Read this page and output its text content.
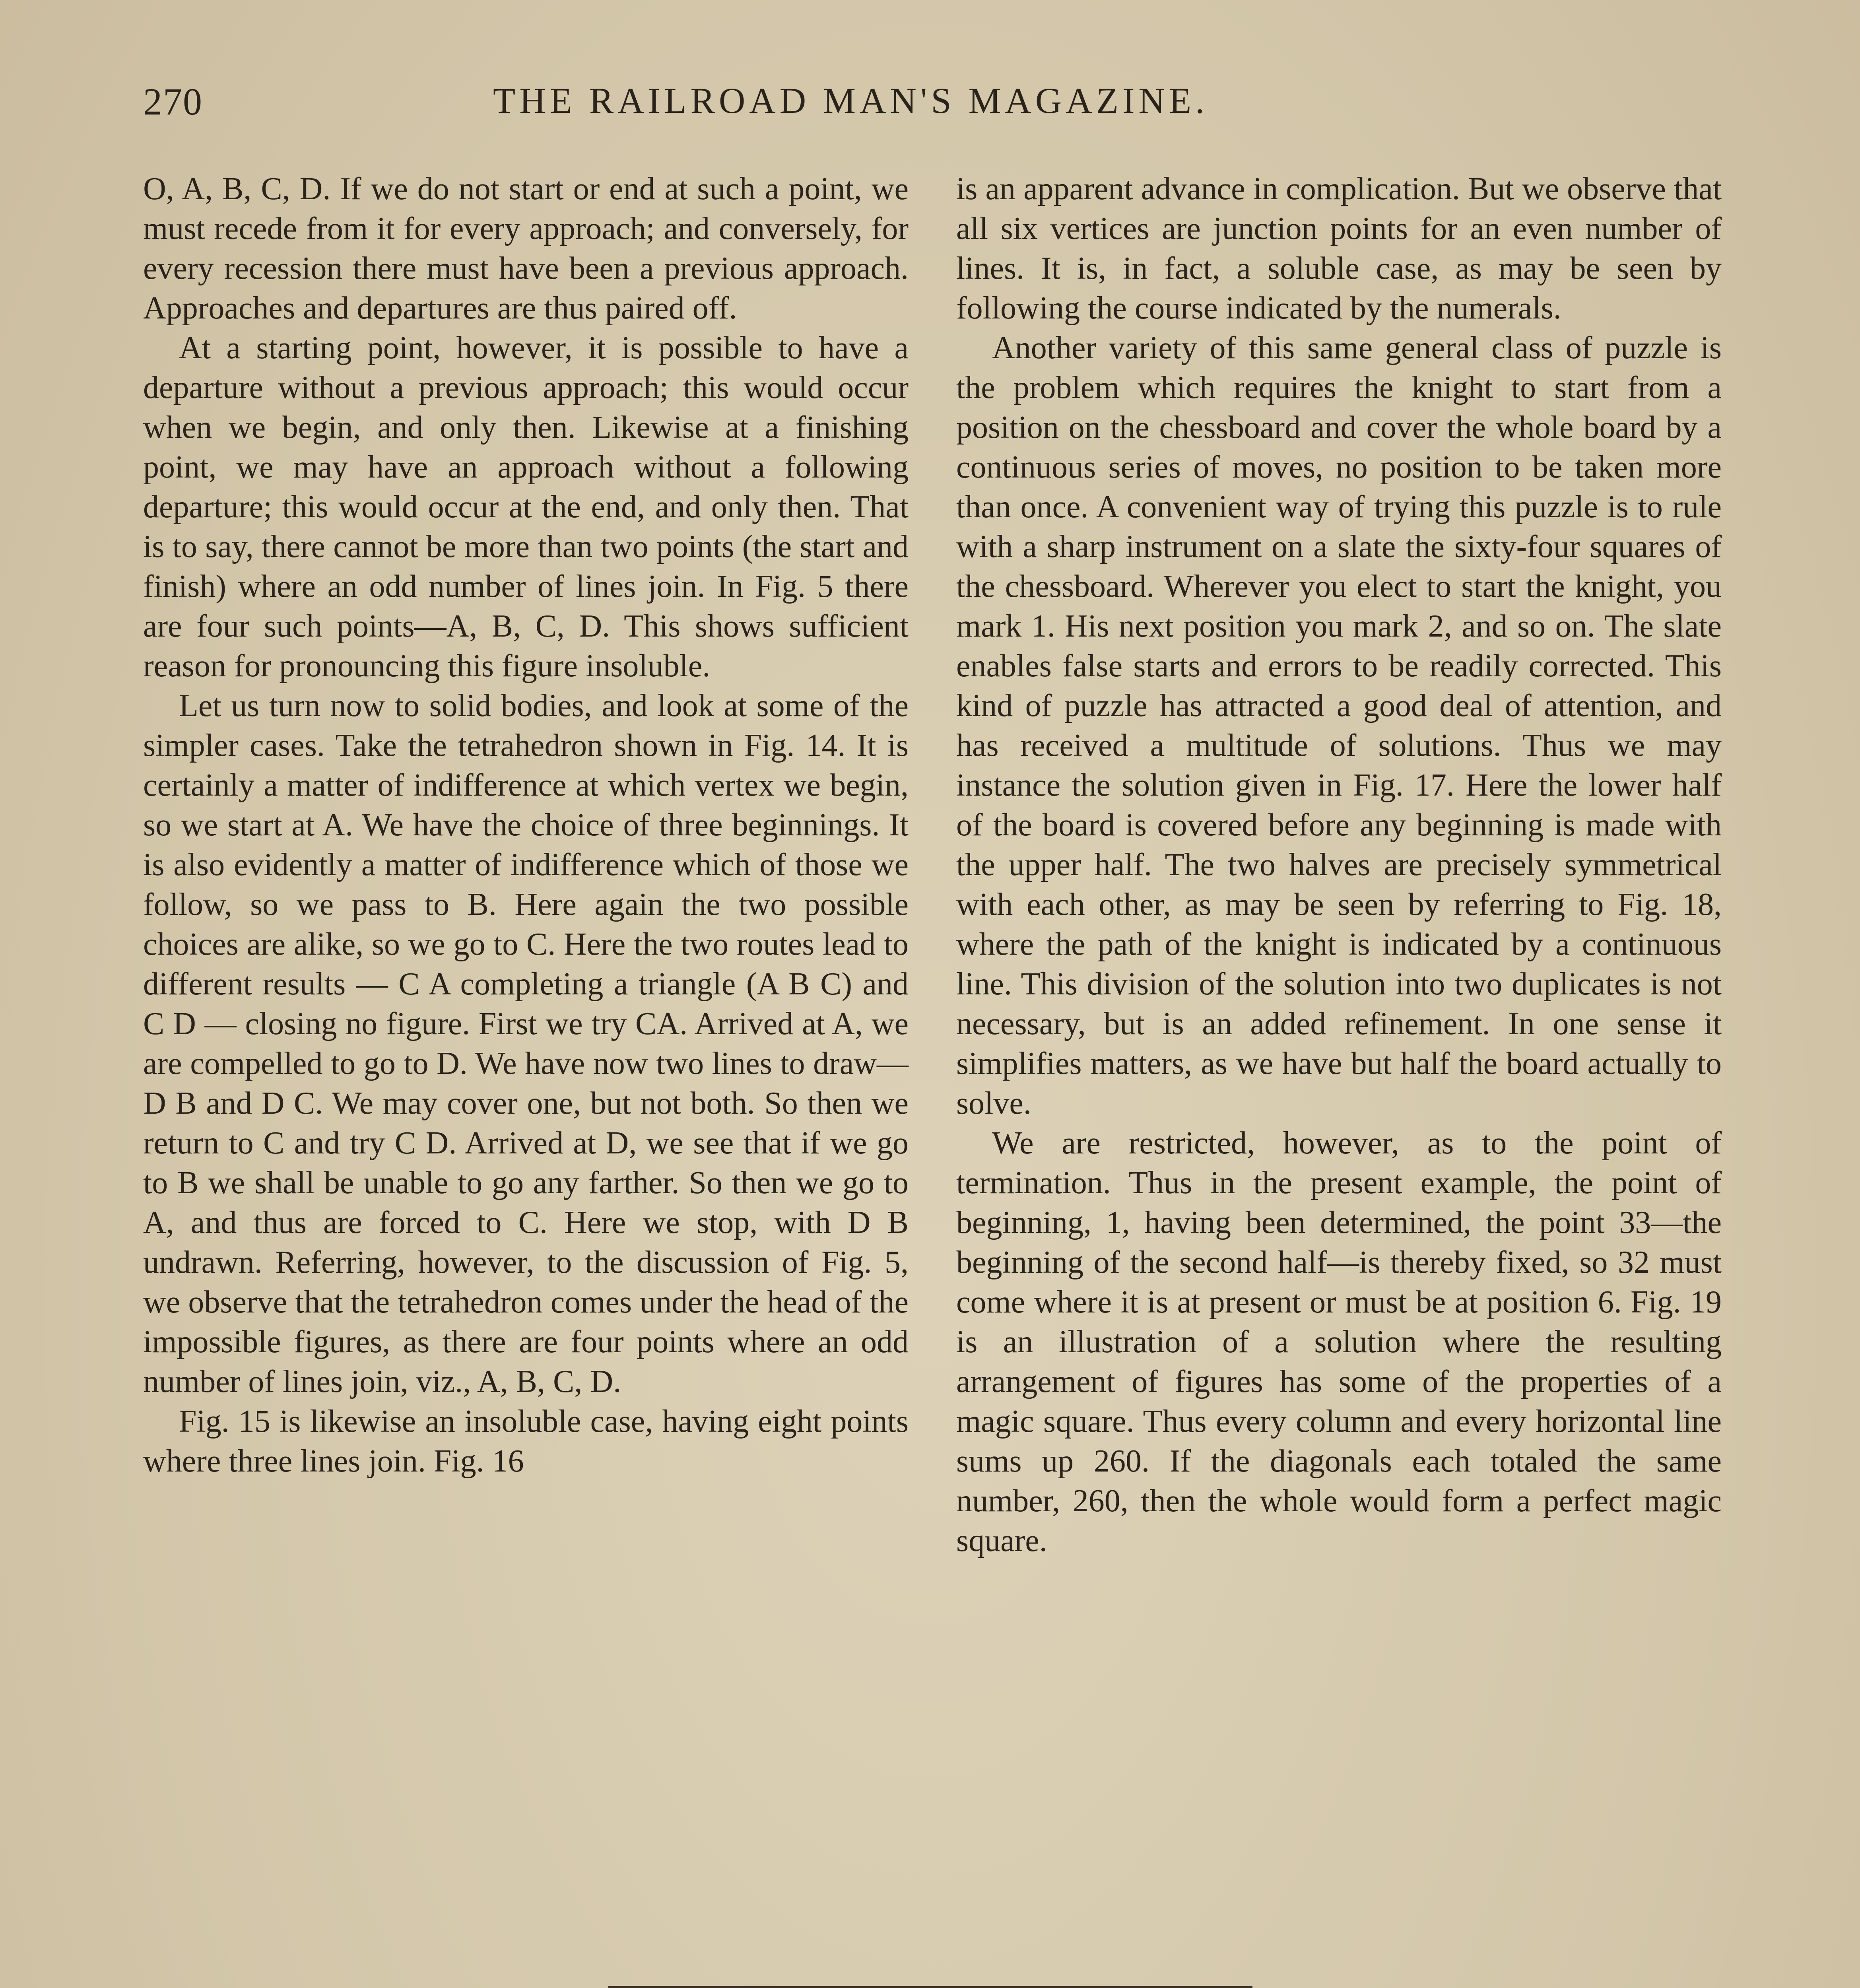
270	THE RAILROAD MAN'S MAGAZINE.

O, A, B, C, D. If we do not start or end at such a point, we must recede from it for every approach; and conversely, for every recession there must have been a previous approach. Approaches and departures are thus paired off.

At a starting point, however, it is possible to have a departure without a previous approach; this would occur when we begin, and only then. Likewise at a finishing point, we may have an approach without a following departure; this would occur at the end, and only then. That is to say, there cannot be more than two points (the start and finish) where an odd number of lines join. In Fig. 5 there are four such points—A, B, C, D. This shows sufficient reason for pronouncing this figure insoluble.

Let us turn now to solid bodies, and look at some of the simpler cases. Take the tetrahedron shown in Fig. 14. It is certainly a matter of indifference at which vertex we begin, so we start at A. We have the choice of three beginnings. It is also evidently a matter of indifference which of those we follow, so we pass to B. Here again the two possible choices are alike, so we go to C. Here the two routes lead to different results — C A completing a triangle (A B C) and C D — closing no figure. First we try CA. Arrived at A, we are compelled to go to D. We have now two lines to draw—D B and D C. We may cover one, but not both. So then we return to C and try C D. Arrived at D, we see that if we go to B we shall be unable to go any farther. So then we go to A, and thus are forced to C. Here we stop, with D B undrawn. Referring, however, to the discussion of Fig. 5, we observe that the tetrahedron comes under the head of the impossible figures, as there are four points where an odd number of lines join, viz., A, B, C, D.

Fig. 15 is likewise an insoluble case, having eight points where three lines join. Fig. 16

is an apparent advance in complication. But we observe that all six vertices are junction points for an even number of lines. It is, in fact, a soluble case, as may be seen by following the course indicated by the numerals.

Another variety of this same general class of puzzle is the problem which requires the knight to start from a position on the chessboard and cover the whole board by a continuous series of moves, no position to be taken more than once. A convenient way of trying this puzzle is to rule with a sharp instrument on a slate the sixty-four squares of the chessboard. Wherever you elect to start the knight, you mark 1. His next position you mark 2, and so on. The slate enables false starts and errors to be readily corrected. This kind of puzzle has attracted a good deal of attention, and has received a multitude of solutions. Thus we may instance the solution given in Fig. 17. Here the lower half of the board is covered before any beginning is made with the upper half. The two halves are precisely symmetrical with each other, as may be seen by referring to Fig. 18, where the path of the knight is indicated by a continuous line. This division of the solution into two duplicates is not necessary, but is an added refinement. In one sense it simplifies matters, as we have but half the board actually to solve.

We are restricted, however, as to the point of termination. Thus in the present example, the point of beginning, 1, having been determined, the point 33—the beginning of the second half—is thereby fixed, so 32 must come where it is at present or must be at position 6. Fig. 19 is an illustration of a solution where the resulting arrangement of figures has some of the properties of a magic square. Thus every column and every horizontal line sums up 260. If the diagonals each totaled the same number, 260, then the whole would form a perfect magic square.
